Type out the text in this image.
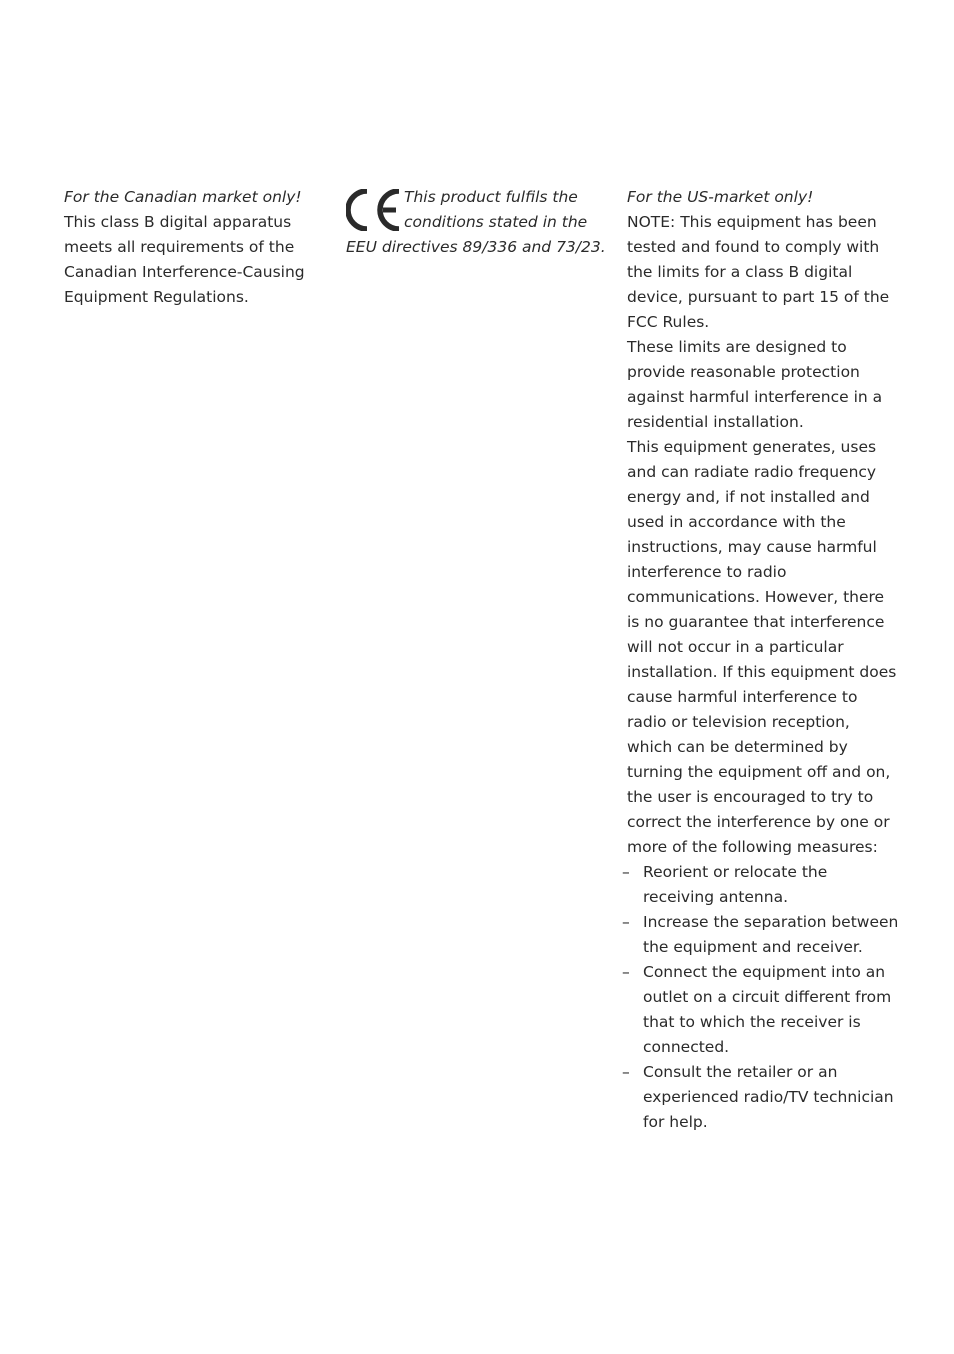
For the Canadian market only!

This class B digital apparatus meets all requirements of the Canadian Interference-Causing Equipment Regulations.

This product fulfils the conditions stated in the EEU directives 89/336 and 73/23.

For the US-market only!

NOTE: This equipment has been tested and found to comply with the limits for a class B digital device, pursuant to part 15 of the FCC Rules.

These limits are designed to provide reasonable protection against harmful interference in a residential installation.

This equipment generates, uses and can radiate radio frequency energy and, if not installed and used in accordance with the instructions, may cause harmful interference to radio communications. However, there is no guarantee that interference will not occur in a particular installation. If this equipment does cause harmful interference to radio or television reception, which can be determined by turning the equipment off and on, the user is encouraged to try to correct the interference by one or more of the following measures:

– Reorient or relocate the receiving antenna.
– Increase the separation between the equipment and receiver.
– Connect the equipment into an outlet on a circuit different from that to which the receiver is connected.
– Consult the retailer or an experienced radio/TV technician for help.
